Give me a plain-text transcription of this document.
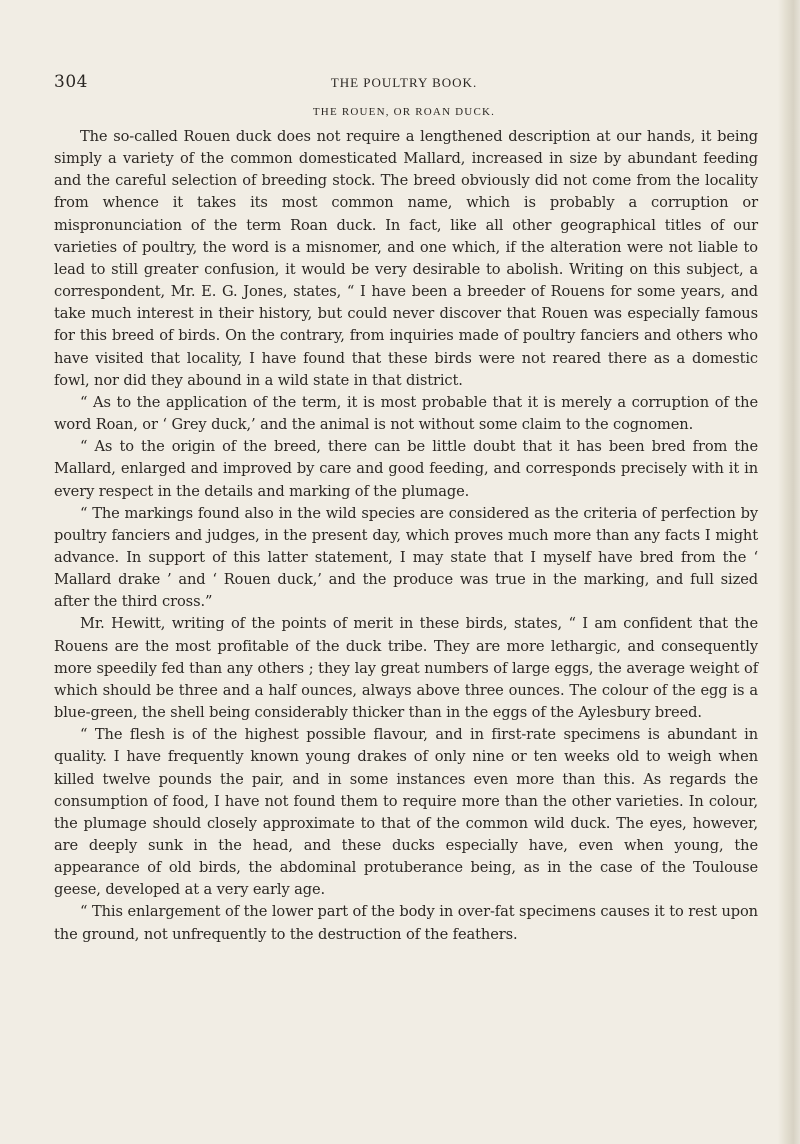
304	THE POULTRY BOOK.
THE ROUEN, OR ROAN DUCK.

The so-called Rouen duck does not require a lengthened description at our hands, it being simply a variety of the common domesticated Mallard, increased in size by abundant feeding and the careful selection of breeding stock. The breed obviously did not come from the locality from whence it takes its most common name, which is probably a corruption or mispronunciation of the term Roan duck. In fact, like all other geographical titles of our varieties of poultry, the word is a misnomer, and one which, if the alteration were not liable to lead to still greater confusion, it would be very desirable to abolish. Writing on this subject, a correspondent, Mr. E. G. Jones, states, “ I have been a breeder of Rouens for some years, and take much interest in their history, but could never discover that Rouen was especially famous for this breed of birds. On the contrary, from inquiries made of poultry fanciers and others who have visited that locality, I have found that these birds were not reared there as a domestic fowl, nor did they abound in a wild state in that district.

“ As to the application of the term, it is most probable that it is merely a corruption of the word Roan, or ‘ Grey duck,’ and the animal is not without some claim to the cognomen.

“ As to the origin of the breed, there can be little doubt that it has been bred from the Mallard, enlarged and improved by care and good feeding, and corresponds precisely with it in every respect in the details and marking of the plumage.

“ The markings found also in the wild species are considered as the criteria of perfection by poultry fanciers and judges, in the present day, which proves much more than any facts I might advance. In support of this latter statement, I may state that I myself have bred from the ‘ Mallard drake ’ and ‘ Rouen duck,’ and the produce was true in the marking, and full sized after the third cross.”

Mr. Hewitt, writing of the points of merit in these birds, states, “ I am confident that the Rouens are the most profitable of the duck tribe. They are more lethargic, and consequently more speedily fed than any others ; they lay great numbers of large eggs, the average weight of which should be three and a half ounces, always above three ounces. The colour of the egg is a blue-green, the shell being considerably thicker than in the eggs of the Aylesbury breed.

“ The flesh is of the highest possible flavour, and in first-rate specimens is abundant in quality. I have frequently known young drakes of only nine or ten weeks old to weigh when killed twelve pounds the pair, and in some instances even more than this. As regards the consumption of food, I have not found them to require more than the other varieties. In colour, the plumage should closely approximate to that of the common wild duck. The eyes, however, are deeply sunk in the head, and these ducks especially have, even when young, the appearance of old birds, the abdominal protuberance being, as in the case of the Toulouse geese, developed at a very early age.

“ This enlargement of the lower part of the body in over-fat specimens causes it to rest upon the ground, not unfrequently to the destruction of the feathers.
